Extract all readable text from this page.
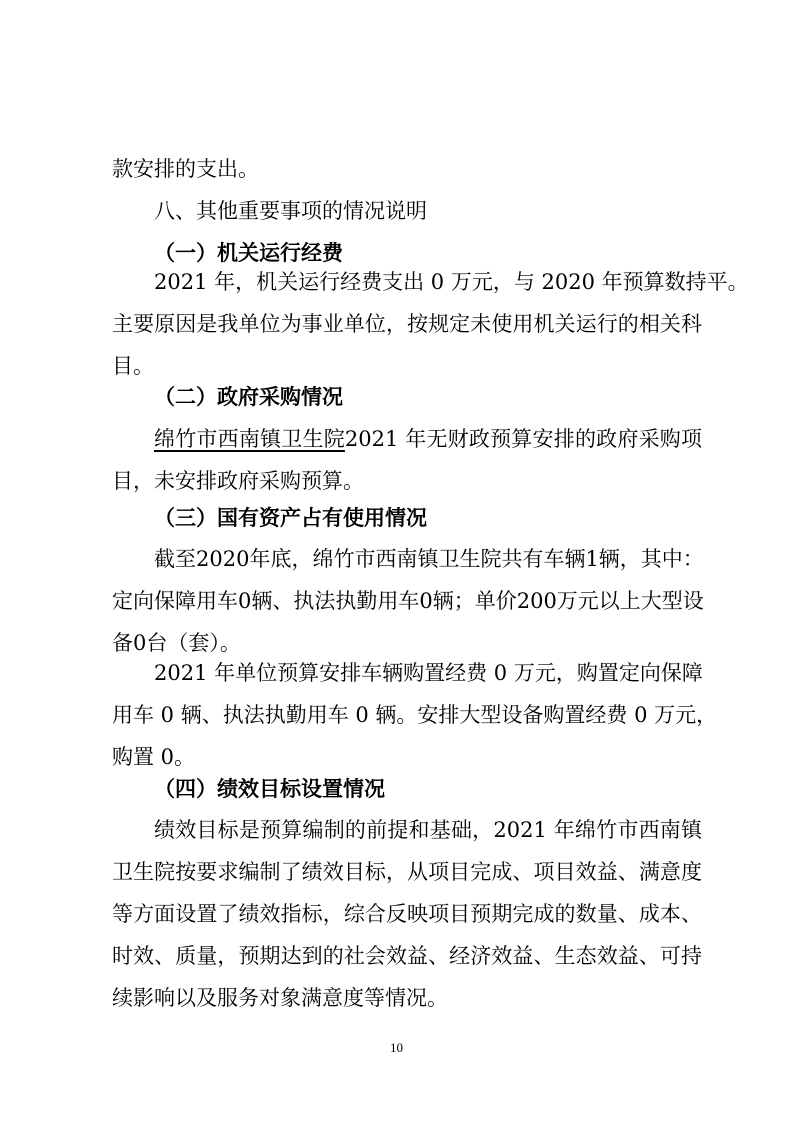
款安排的支出。

八、其他重要事项的情况说明

（一）机关运行经费

2021 年，机关运行经费支出 0 万元，与 2020 年预算数持平。
主要原因是我单位为事业单位，按规定未使用机关运行的相关科
目。

（二）政府采购情况

绵竹市西南镇卫生院2021 年无财政预算安排的政府采购项
目，未安排政府采购预算。

（三）国有资产占有使用情况

截至2020年底，绵竹市西南镇卫生院共有车辆1辆，其中：
定向保障用车0辆、执法执勤用车0辆；单价200万元以上大型设
备0台（套）。

2021 年单位预算安排车辆购置经费 0 万元，购置定向保障
用车 0 辆、执法执勤用车 0 辆。安排大型设备购置经费 0 万元，
购置 0。

（四）绩效目标设置情况

绩效目标是预算编制的前提和基础，2021 年绵竹市西南镇
卫生院按要求编制了绩效目标，从项目完成、项目效益、满意度
等方面设置了绩效指标，综合反映项目预期完成的数量、成本、
时效、质量，预期达到的社会效益、经济效益、生态效益、可持
续影响以及服务对象满意度等情况。

10
